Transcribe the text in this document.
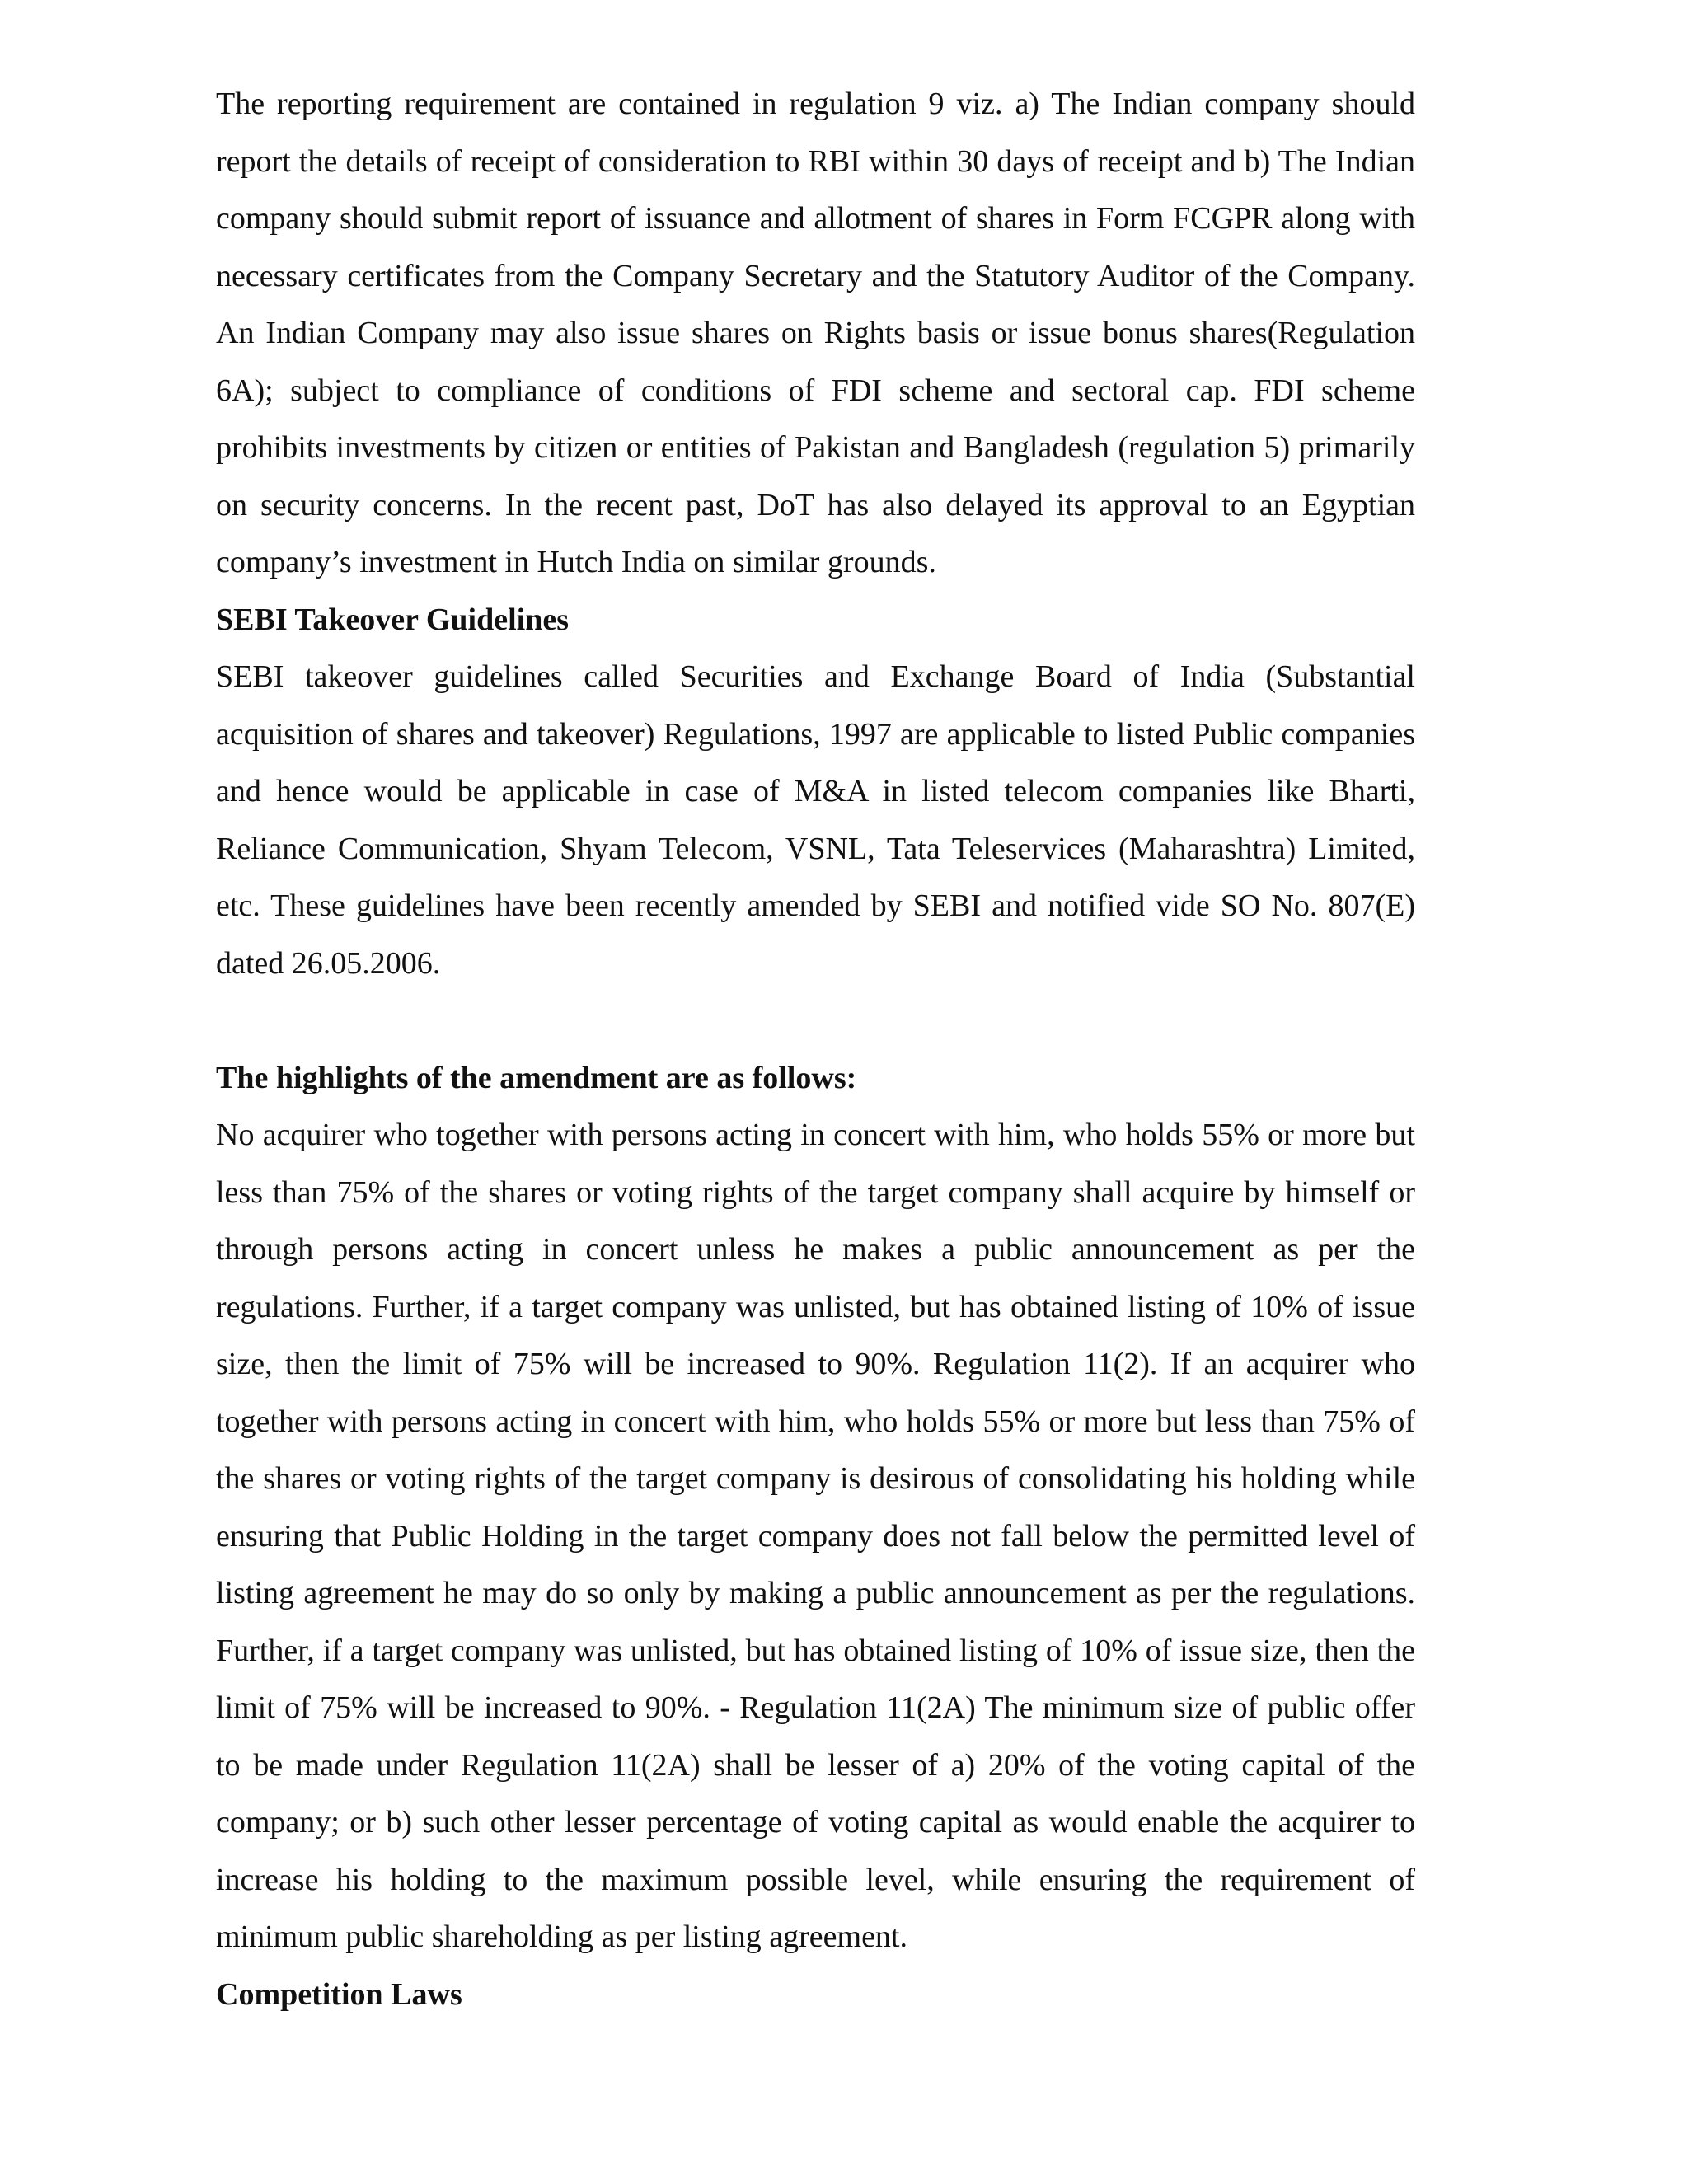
The reporting requirement are contained in regulation 9 viz. a) The Indian company should report the details of receipt of consideration to RBI within 30 days of receipt and b) The Indian company should submit report of issuance and allotment of shares in Form FCGPR along with necessary certificates from the Company Secretary and the Statutory Auditor of the Company. An Indian Company may also issue shares on Rights basis or issue bonus shares(Regulation 6A); subject to compliance of conditions of FDI scheme and sectoral cap. FDI scheme prohibits investments by citizen or entities of Pakistan and Bangladesh (regulation 5) primarily on security concerns. In the recent past, DoT has also delayed its approval to an Egyptian company’s investment in Hutch India on similar grounds.

SEBI Takeover Guidelines

SEBI takeover guidelines called Securities and Exchange Board of India (Substantial acquisition of shares and takeover) Regulations, 1997 are applicable to listed Public companies and hence would be applicable in case of M&A in listed telecom companies like Bharti, Reliance Communication, Shyam Telecom, VSNL, Tata Teleservices (Maharashtra) Limited, etc. These guidelines have been recently amended by SEBI and notified vide SO No. 807(E) dated 26.05.2006.

The highlights of the amendment are as follows:

No acquirer who together with persons acting in concert with him, who holds 55% or more but less than 75% of the shares or voting rights of the target company shall acquire by himself or through persons acting in concert unless he makes a public announcement as per the regulations. Further, if a target company was unlisted, but has obtained listing of 10% of issue size, then the limit of 75% will be increased to 90%. Regulation 11(2). If an acquirer who together with persons acting in concert with him, who holds 55% or more but less than 75% of the shares or voting rights of the target company is desirous of consolidating his holding while ensuring that Public Holding in the target company does not fall below the permitted level of listing agreement he may do so only by making a public announcement as per the regulations. Further, if a target company was unlisted, but has obtained listing of 10% of issue size, then the limit of 75% will be increased to 90%. - Regulation 11(2A) The minimum size of public offer to be made under Regulation 11(2A) shall be lesser of a) 20% of the voting capital of the company; or b) such other lesser percentage of voting capital as would enable the acquirer to increase his holding to the maximum possible level, while ensuring the requirement of minimum public shareholding as per listing agreement.

Competition Laws
